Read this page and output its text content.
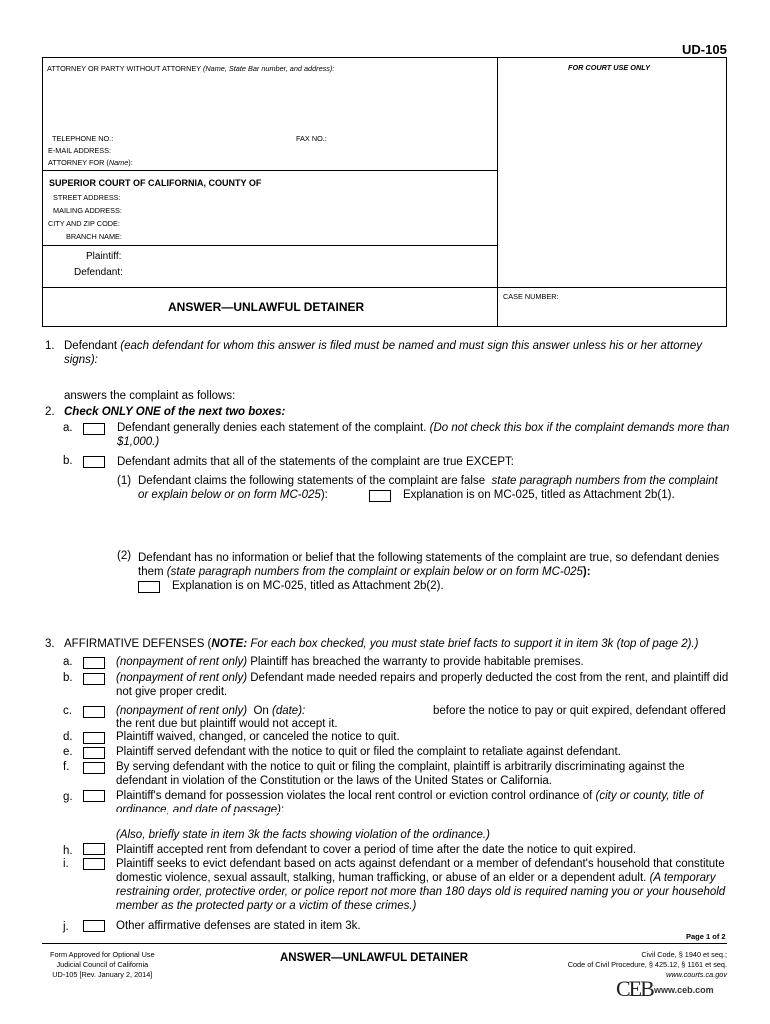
UD-105
ATTORNEY OR PARTY WITHOUT ATTORNEY (Name, State Bar number, and address):	FOR COURT USE ONLY
TELEPHONE NO.:	FAX NO.:
E-MAIL ADDRESS:
ATTORNEY FOR (Name):
SUPERIOR COURT OF CALIFORNIA, COUNTY OF
STREET ADDRESS:
MAILING ADDRESS:
CITY AND ZIP CODE:
BRANCH NAME:
Plaintiff:
Defendant:
ANSWER—UNLAWFUL DETAINER
CASE NUMBER:
1. Defendant (each defendant for whom this answer is filed must be named and must sign this answer unless his or her attorney
signs):
answers the complaint as follows:
2. Check ONLY ONE of the next two boxes:
a.	Defendant generally denies each statement of the complaint. (Do not check this box if the complaint demands more than
$1,000.)
b.	Defendant admits that all of the statements of the complaint are true EXCEPT:
(1) Defendant claims the following statements of the complaint are false state paragraph numbers from the complaint
or explain below or on form MC-025):	Explanation is on MC-025, titled as Attachment 2b(1).
(2) Defendant has no information or belief that the following statements of the complaint are true, so defendant denies
them (state paragraph numbers from the complaint or explain below or on form MC-025):
Explanation is on MC-025, titled as Attachment 2b(2).
3. AFFIRMATIVE DEFENSES (NOTE: For each box checked, you must state brief facts to support it in item 3k (top of page 2).)
a.	(nonpayment of rent only) Plaintiff has breached the warranty to provide habitable premises.
b.	(nonpayment of rent only) Defendant made needed repairs and properly deducted the cost from the rent, and plaintiff did
not give proper credit.
c.	(nonpayment of rent only) On (date):	before the notice to pay or quit expired, defendant offered
the rent due but plaintiff would not accept it.
d.	Plaintiff waived, changed, or canceled the notice to quit.
e.	Plaintiff served defendant with the notice to quit or filed the complaint to retaliate against defendant.
f.	By serving defendant with the notice to quit or filing the complaint, plaintiff is arbitrarily discriminating against the
defendant in violation of the Constitution or the laws of the United States or California.
g.	Plaintiff's demand for possession violates the local rent control or eviction control ordinance of (city or county, title of
ordinance, and date of passage):
(Also, briefly state in item 3k the facts showing violation of the ordinance.)
h.	Plaintiff accepted rent from defendant to cover a period of time after the date the notice to quit expired.
i.	Plaintiff seeks to evict defendant based on acts against defendant or a member of defendant's household that constitute
domestic violence, sexual assault, stalking, human trafficking, or abuse of an elder or a dependent adult. (A temporary
restraining order, protective order, or police report not more than 180 days old is required naming you or your household
member as the protected party or a victim of these crimes.)
j.	Other affirmative defenses are stated in item 3k.
Page 1 of 2
Form Approved for Optional Use
Judicial Council of California
UD-105 [Rev. January 2, 2014]
ANSWER—UNLAWFUL DETAINER	Civil Code, § 1940 et seq.;
Code of Civil Procedure, § 425.12, § 1161 et seq.
www.courts.ca.gov
CEB www.ceb.com
